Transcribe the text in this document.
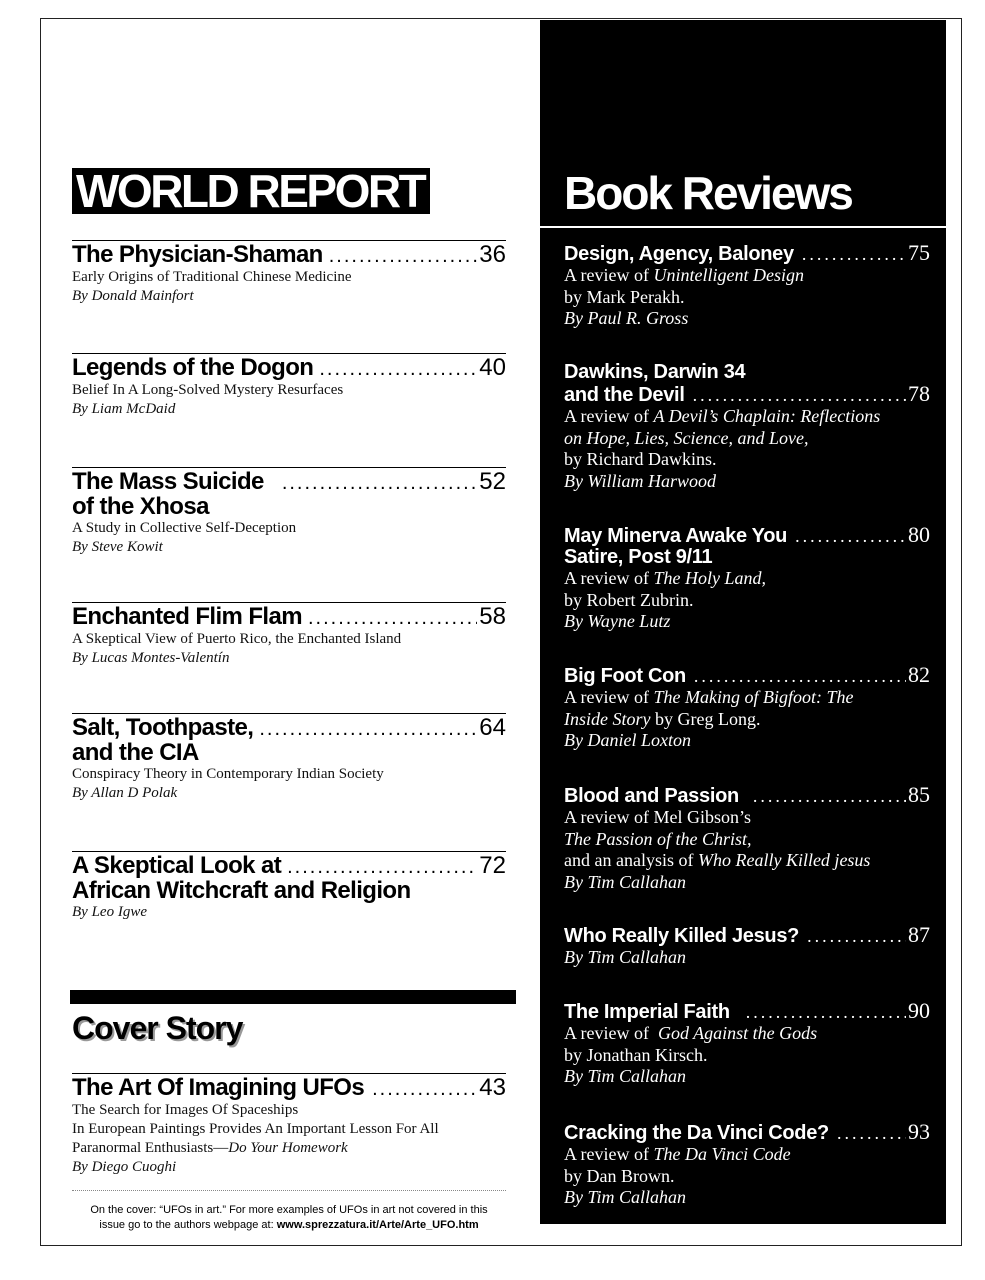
WORLD REPORT
The Physician-Shaman .....	36
Early Origins of Traditional Chinese Medicine
By Donald Mainfort
Legends of the Dogon .....	40
Belief In A Long-Solved Mystery Resurfaces
By Liam McDaid
The Mass Suicide .....	52
of the Xhosa
A Study in Collective Self-Deception
By Steve Kowit
Enchanted Flim Flam .....	58
A Skeptical View of Puerto Rico, the Enchanted Island
By Lucas Montes-Valentín
Salt, Toothpaste, .....	64
and the CIA
Conspiracy Theory in Contemporary Indian Society
By Allan D Polak
A Skeptical Look at .....	72
African Witchcraft and Religion
By Leo Igwe
Cover Story
The Art Of Imagining UFOs .....	43
The Search for Images Of Spaceships
In European Paintings Provides An Important Lesson For All
Paranormal Enthusiasts—Do Your Homework
By Diego Cuoghi
On the cover: “UFOs in art.” For more examples of UFOs in art not covered in this
issue go to the authors webpage at: www.sprezzatura.it/Arte/Arte_UFO.htm
Book Reviews
Design, Agency, Baloney .....	75
A review of Unintelligent Design
by Mark Perakh.
By Paul R. Gross
Dawkins, Darwin 34
and the Devil .....	78
A review of A Devil’s Chaplain: Reflections
on Hope, Lies, Science, and Love,
by Richard Dawkins.
By William Harwood
May Minerva Awake You .....	80
Satire, Post 9/11
A review of The Holy Land,
by Robert Zubrin.
By Wayne Lutz
Big Foot Con .....	82
A review of The Making of Bigfoot: The
Inside Story by Greg Long.
By Daniel Loxton
Blood and Passion .....	85
A review of Mel Gibson’s
The Passion of the Christ,
and an analysis of Who Really Killed jesus
By Tim Callahan
Who Really Killed Jesus? .....	87
By Tim Callahan
The Imperial Faith .....	90
A review of  God Against the Gods
by Jonathan Kirsch.
By Tim Callahan
Cracking the Da Vinci Code? .....	93
A review of The Da Vinci Code
by Dan Brown.
By Tim Callahan
